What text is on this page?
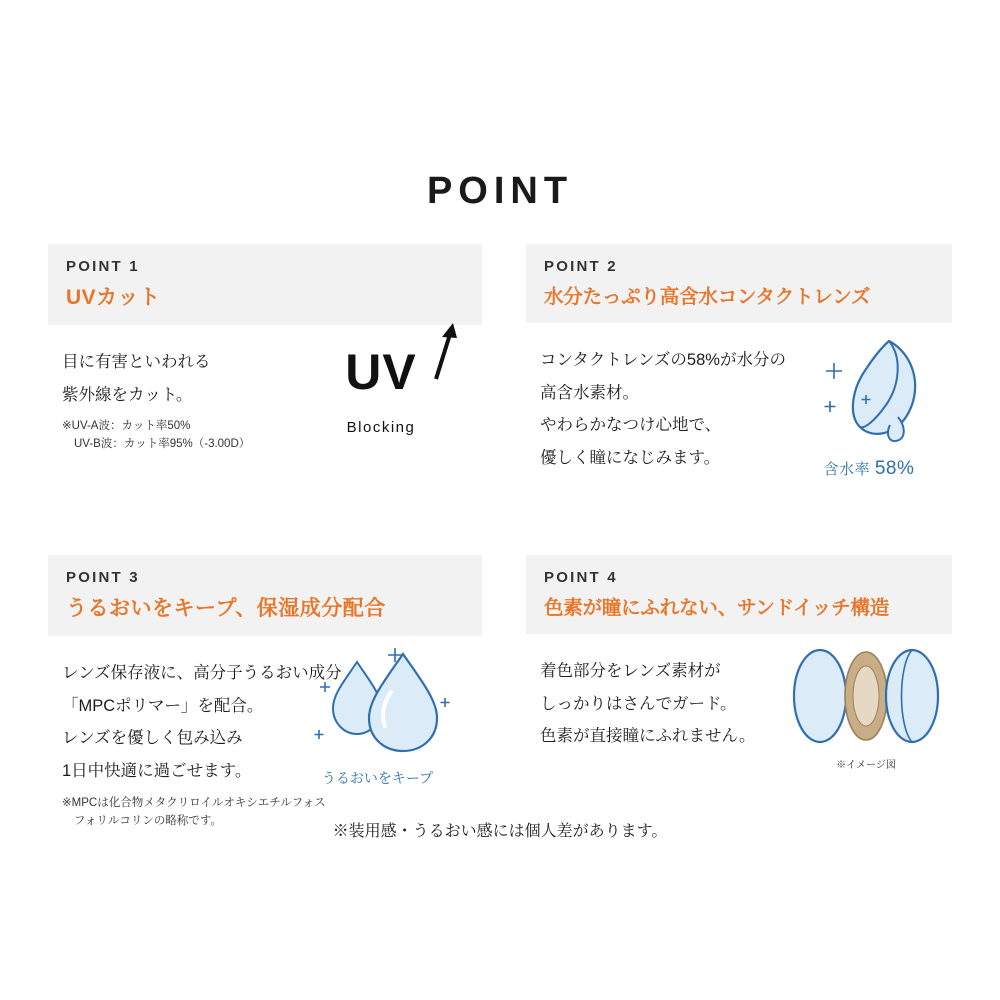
POINT
POINT 1
UVカット

目に有害といわれる

紫外線をカット。

※UV-A波：カット率50%
UV-B波：カット率95%（-3.00D）
UV
Blocking
POINT 2
水分たっぷり高含水コンタクトレンズ

コンタクトレンズの58%が水分の

高含水素材。

やわらかなつけ心地で、

優しく瞳になじみます。

含水率 58%
POINT 3
うるおいをキープ、保湿成分配合

レンズ保存液に、高分子うるおい成分

「MPCポリマー」を配合。

レンズを優しく包み込み

1日中快適に過ごせます。

※MPCは化合物メタクリロイルオキシエチルフォス
フォリルコリンの略称です。
うるおいをキープ
POINT 4
色素が瞳にふれない、サンドイッチ構造

着色部分をレンズ素材が

しっかりはさんでガード。

色素が直接瞳にふれません。

※イメージ図
※装用感・うるおい感には個人差があります。
